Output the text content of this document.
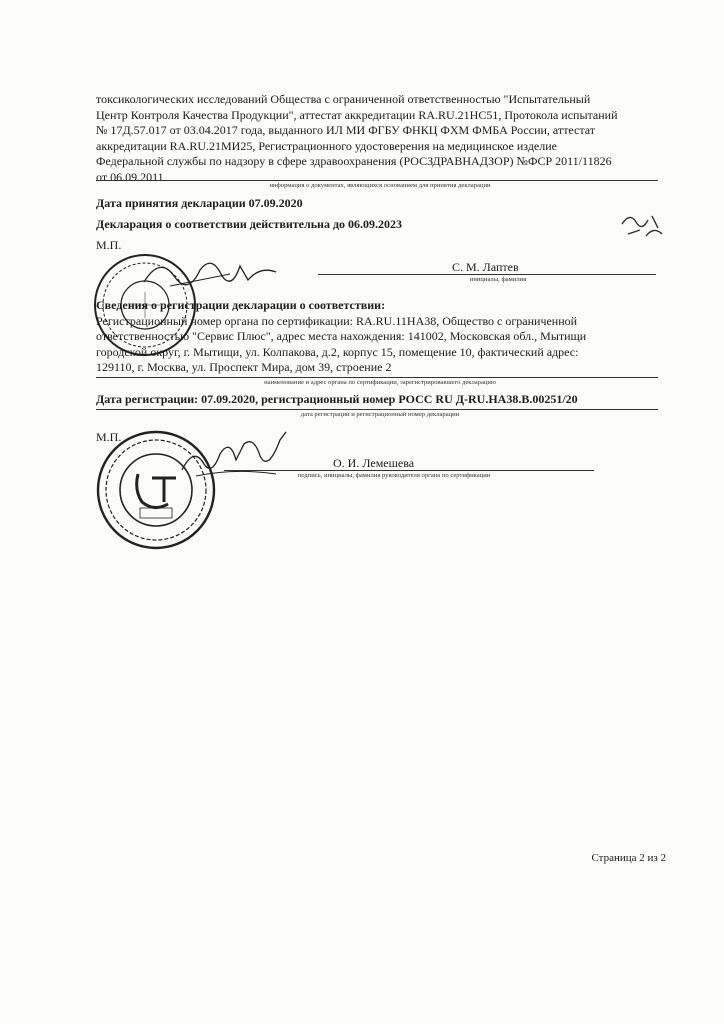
токсикологических исследований Общества с ограниченной ответственностью "Испытательный
Центр Контроля Качества Продукции", аттестат аккредитации RA.RU.21НС51, Протокола испытаний
№ 17Д.57.017 от 03.04.2017 года, выданного ИЛ МИ ФГБУ ФНКЦ ФХМ ФМБА России, аттестат
аккредитации RA.RU.21МИ25, Регистрационного удостоверения на медицинское изделие
Федеральной службы по надзору в сфере здравоохранения (РОСЗДРАВНАДЗОР) №ФСР 2011/11826
от 06.09.2011
информация о документах, являющихся основанием для принятия декларации
Дата принятия декларации 07.09.2020
Декларация о соответствии действительна до 06.09.2023
М.П.
С. М. Лаптев
инициалы, фамилия
Сведения о регистрации декларации о соответствии:
Регистрационный номер органа по сертификации: RA.RU.11НА38, Общество с ограниченной
ответственностью "Сервис Плюс", адрес места нахождения: 141002, Московская обл., Мытищи
городской округ, г. Мытищи, ул. Колпакова, д.2, корпус 15, помещение 10, фактический адрес:
129110, г. Москва, ул. Проспект Мира, дом 39, строение 2
наименование и адрес органа по сертификации, зарегистрировавшего декларацию
Дата регистрации: 07.09.2020, регистрационный номер РОСС RU Д-RU.НА38.В.00251/20
дата регистрации и регистрационный номер декларации
М.П.
О. И. Лемешева
подпись, инициалы, фамилия руководителя органа по сертификации
Страница 2 из 2
